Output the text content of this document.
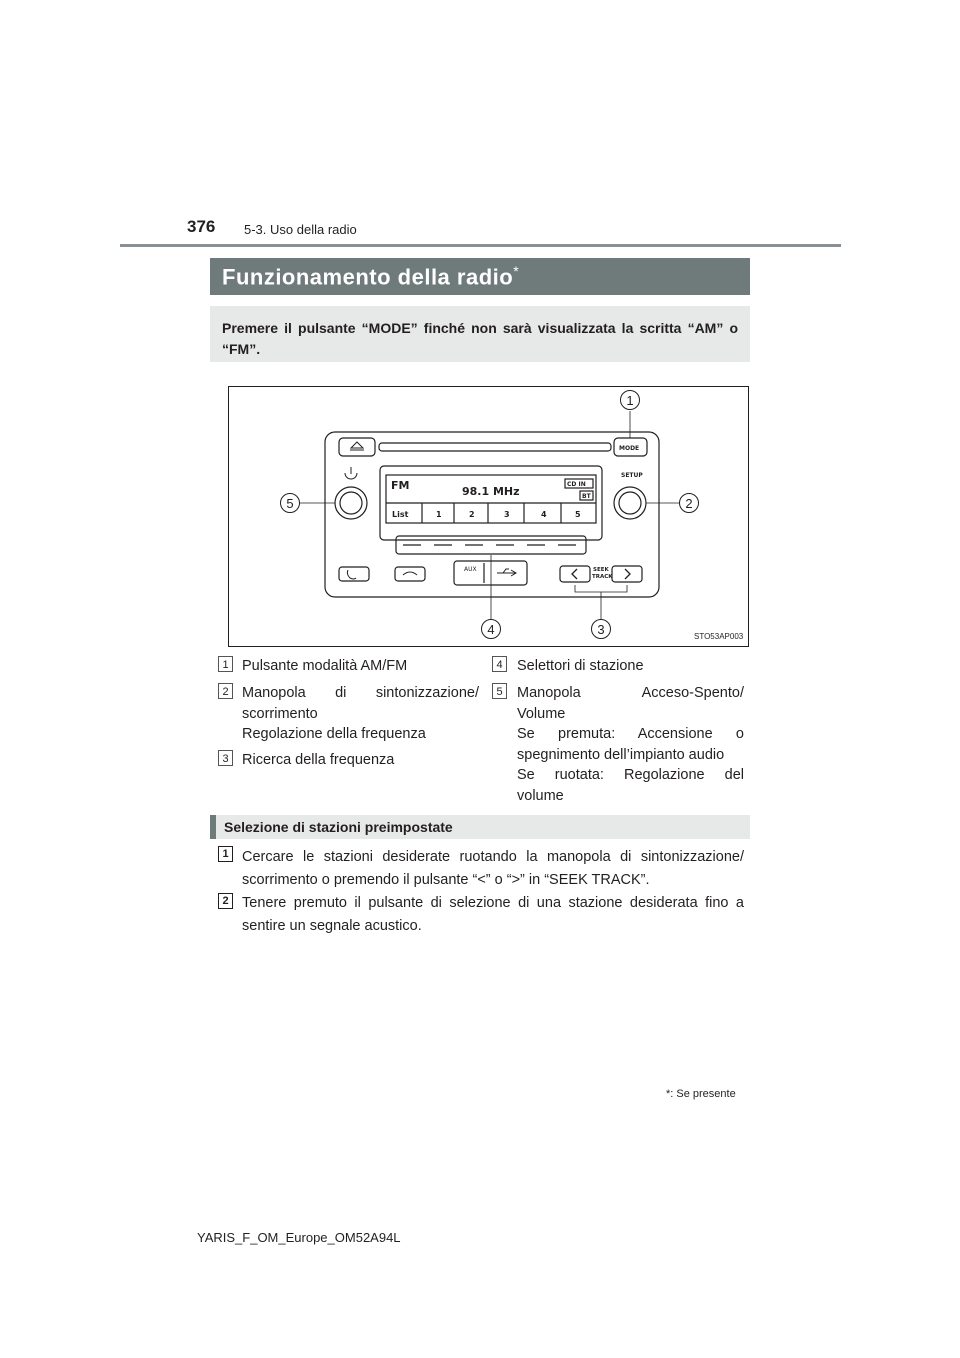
376 5-3. Uso della radio
Funzionamento della radio*
Premere il pulsante “MODE” finché non sarà visualizzata la scritta “AM” o “FM”.
FM	98.1 MHz
List	1	2	3	4	5
CD IN
BT
MODE
SETUP
AUX	SEEK
TRACK
1
2
3
4
5
STO53AP003
1 Pulsante modalità AM/FM
2 Manopola di sintonizzazione/
scorrimento
Regolazione della frequenza
3 Ricerca della frequenza
4 Selettori di stazione
5 Manopola Acceso-Spento/
Volume
Se premuta: Accensione o
spegnimento dell’impianto audio
Se ruotata: Regolazione del
volume
Selezione di stazioni preimpostate
1 Cercare le stazioni desiderate ruotando la manopola di sintonizzazione/
scorrimento o premendo il pulsante “<” o “>” in “SEEK TRACK”.
2 Tenere premuto il pulsante di selezione di una stazione desiderata fino a
sentire un segnale acustico.
*: Se presente
YARIS_F_OM_Europe_OM52A94L
